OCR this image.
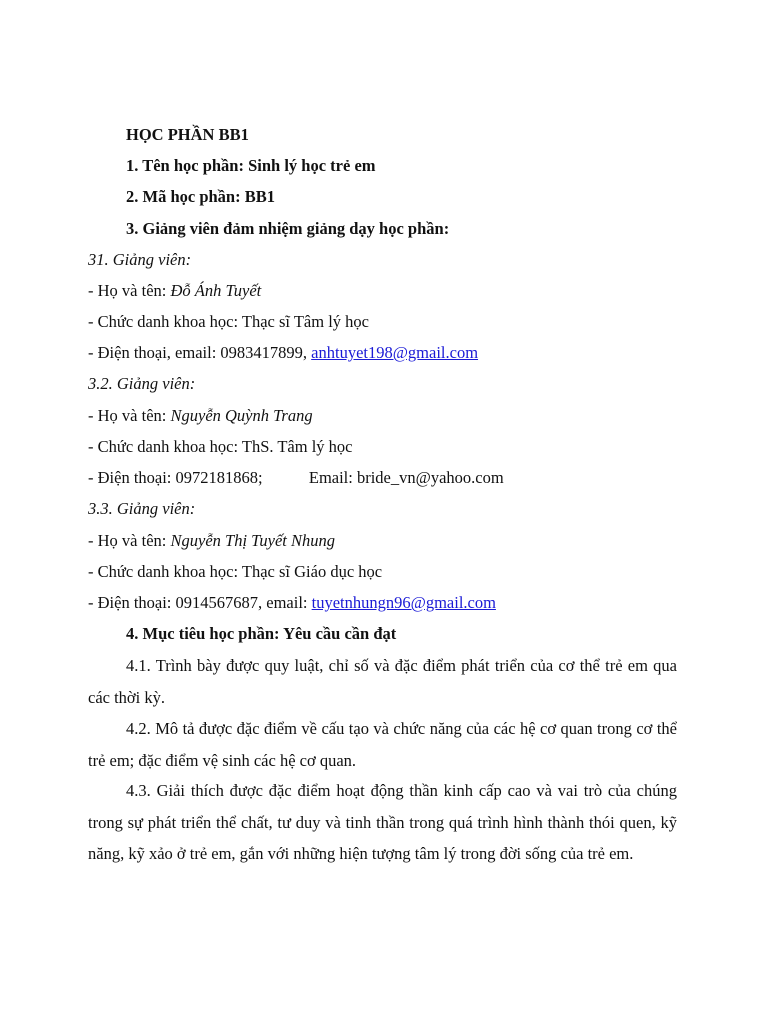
HỌC PHẦN BB1
1. Tên học phần: Sinh lý học trẻ em
2. Mã học phần: BB1
3. Giảng viên đảm nhiệm giảng dạy học phần:
31. Giảng viên:
- Họ và tên: Đỗ Ánh Tuyết
- Chức danh khoa học: Thạc sĩ Tâm lý học
- Điện thoại, email: 0983417899, anhtuyet198@gmail.com
3.2. Giảng viên:
- Họ và tên: Nguyễn Quỳnh Trang
- Chức danh khoa học: ThS. Tâm lý học
- Điện thoại: 0972181868;	Email: bride_vn@yahoo.com
3.3. Giảng viên:
- Họ và tên: Nguyễn Thị Tuyết Nhung
- Chức danh khoa học: Thạc sĩ Giáo dục học
- Điện thoại: 0914567687, email: tuyetnhungn96@gmail.com
4. Mục tiêu học phần: Yêu cầu cần đạt

4.1. Trình bày được quy luật, chỉ số và đặc điểm phát triển của cơ thể trẻ em qua các thời kỳ.

4.2. Mô tả được đặc điểm về cấu tạo và chức năng của các hệ cơ quan trong cơ thể trẻ em; đặc điểm vệ sinh các hệ cơ quan.

4.3. Giải thích được đặc điểm hoạt động thần kinh cấp cao và vai trò của chúng trong sự phát triển thể chất, tư duy và tinh thần trong quá trình hình thành thói quen, kỹ năng, kỹ xảo ở trẻ em, gắn với những hiện tượng tâm lý trong đời sống của trẻ em.
